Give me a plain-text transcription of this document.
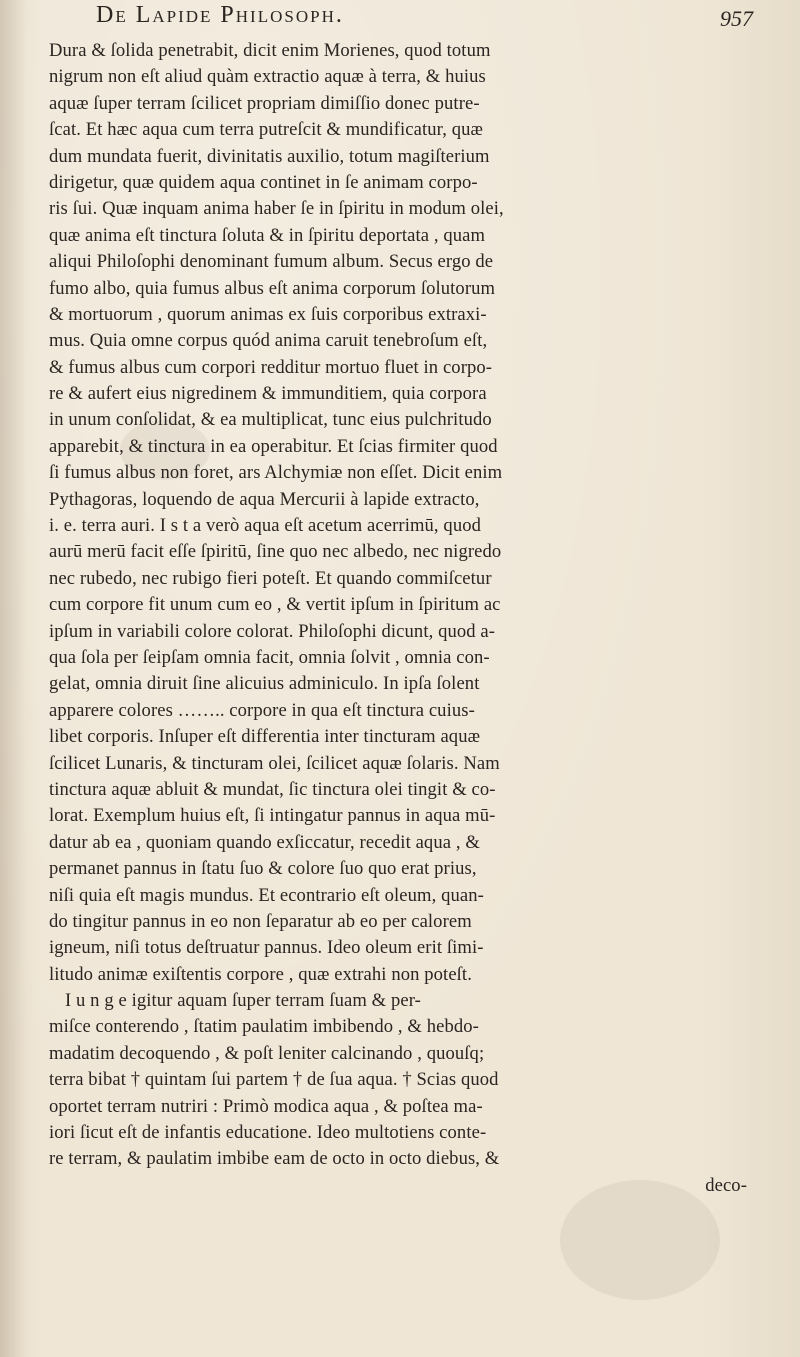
De Lapide Philosoph.	957
Dura & ſolida penetrabit, dicit enim Morienes, quod totum
nigrum non eſt aliud quàm extractio aquæ à terra, & huius
aquæ ſuper terram ſcilicet propriam dimiſſio donec putre-
ſcat. Et hæc aqua cum terra putreſcit & mundificatur, quæ
dum mundata fuerit, divinitatis auxilio, totum magiſterium
dirigetur, quæ quidem aqua continet in ſe animam corpo-
ris ſui. Quæ inquam anima haber ſe in ſpiritu in modum olei,
quæ anima eſt tinctura ſoluta & in ſpiritu deportata , quam
aliqui Philoſophi denominant fumum album. Secus ergo de
fumo albo, quia fumus albus eſt anima corporum ſolutorum
& mortuorum , quorum animas ex ſuis corporibus extraxi-
mus. Quia omne corpus quód anima caruit tenebroſum eſt,
& fumus albus cum corpori redditur mortuo fluet in corpo-
re & aufert eius nigredinem & immunditiem, quia corpora
in unum conſolidat, & ea multiplicat, tunc eius pulchritudo
apparebit, & tinctura in ea operabitur. Et ſcias firmiter quod
ſi fumus albus non foret, ars Alchymiæ non eſſet. Dicit enim
Pythagoras, loquendo de aqua Mercurii à lapide extracto,
i. e. terra auri. I s t a verò aqua eſt acetum acerrimū, quod
aurū merū facit eſſe ſpiritū, ſine quo nec albedo, nec nigredo
nec rubedo, nec rubigo fieri poteſt. Et quando commiſcetur
cum corpore fit unum cum eo , & vertit ipſum in ſpiritum ac
ipſum in variabili colore colorat. Philoſophi dicunt, quod a-
qua ſola per ſeipſam omnia facit, omnia ſolvit , omnia con-
gelat, omnia diruit ſine alicuius adminiculo. In ipſa ſolent
apparere colores …….. corpore in qua eſt tinctura cuius-
libet corporis. Inſuper eſt differentia inter tincturam aquæ
ſcilicet Lunaris, & tincturam olei, ſcilicet aquæ ſolaris. Nam
tinctura aquæ abluit & mundat, ſic tinctura olei tingit & co-
lorat. Exemplum huius eſt, ſi intingatur pannus in aqua mū-
datur ab ea , quoniam quando exſiccatur, recedit aqua , &
permanet pannus in ſtatu ſuo & colore ſuo quo erat prius,
niſi quia eſt magis mundus. Et econtrario eſt oleum, quan-
do tingitur pannus in eo non ſeparatur ab eo per calorem
igneum, niſi totus deſtruatur pannus. Ideo oleum erit ſimi-
litudo animæ exiſtentis corpore , quæ extrahi non poteſt.
I u n g e igitur aquam ſuper terram ſuam & per-
miſce conterendo , ſtatim paulatim imbibendo , & hebdo-
madatim decoquendo , & poſt leniter calcinando , quouſq;
terra bibat † quintam ſui partem † de ſua aqua. † Scias quod
oportet terram nutriri : Primò modica aqua , & poſtea ma-
iori ſicut eſt de infantis educatione. Ideo multotiens conte-
re terram, & paulatim imbibe eam de octo in octo diebus, &
deco-
